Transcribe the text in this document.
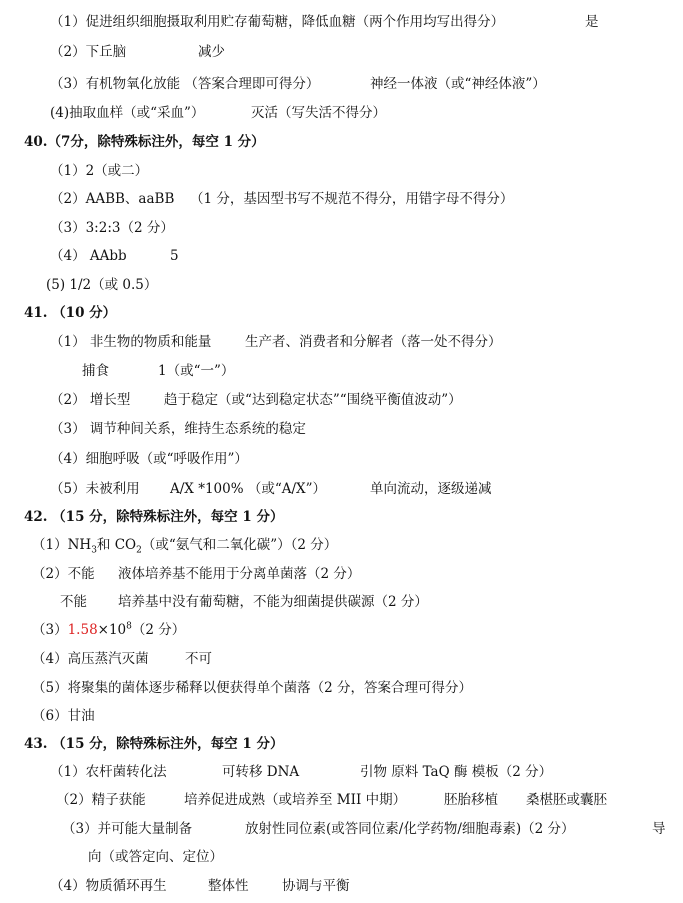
（1）促进组织细胞摄取利用贮存葡萄糖，降低血糖（两个作用均写出得分）	是
（2）下丘脑	减少
（3）有机物氧化放能 （答案合理即可得分）	神经一体液（或“神经体液”）
(4)抽取血样（或“采血”）	灭活（写失活不得分）
40.（7分，除特殊标注外，每空 1 分）
（1）2（或二）
（2）AABB、aaBB （1 分，基因型书写不规范不得分，用错字母不得分）
（3）3:2:3（2 分）
（4） AAbb	5
(5) 1/2（或 0.5）
41. （10 分）
（1） 非生物的物质和能量 生产者、消费者和分解者（落一处不得分）
捕食	1（或“一”）
（2） 增长型 趋于稳定（或“达到稳定状态”“围绕平衡值波动”）
（3） 调节种间关系，维持生态系统的稳定
（4）细胞呼吸（或“呼吸作用”）
（5）未被利用 A/X *100% （或“A/X”）	单向流动，逐级递减
42. （15 分，除特殊标注外，每空 1 分）
$(1)NH_3$和 $CO_2$（或“氨气和二氧化碳”）（2 分）
（2）不能 液体培养基不能用于分离单菌落（2 分）
不能 培养基中没有葡萄糖，不能为细菌提供碳源（2 分）
$(3)1.58\times 10^8(2$ 分）
（4）高压蒸汽灭菌	不可
（5）将聚集的菌体逐步稀释以便获得单个菌落（2 分，答案合理可得分）
（6）甘油
43. （15 分，除特殊标注外，每空 1 分）
（1）农杆菌转化法	可转移 DNA	引物 原料 TaQ 酶 模板（2 分）
（2）精子获能	培养促进成熟（或培养至 MII 中期）	胚胎移植 桑椹胚或囊胚
（3）并可能大量制备	放射性同位素(或答同位素/化学药物/细胞毒素)（2 分）	导
向（或答定向、定位）
（4）物质循环再生	整体性 协调与平衡
